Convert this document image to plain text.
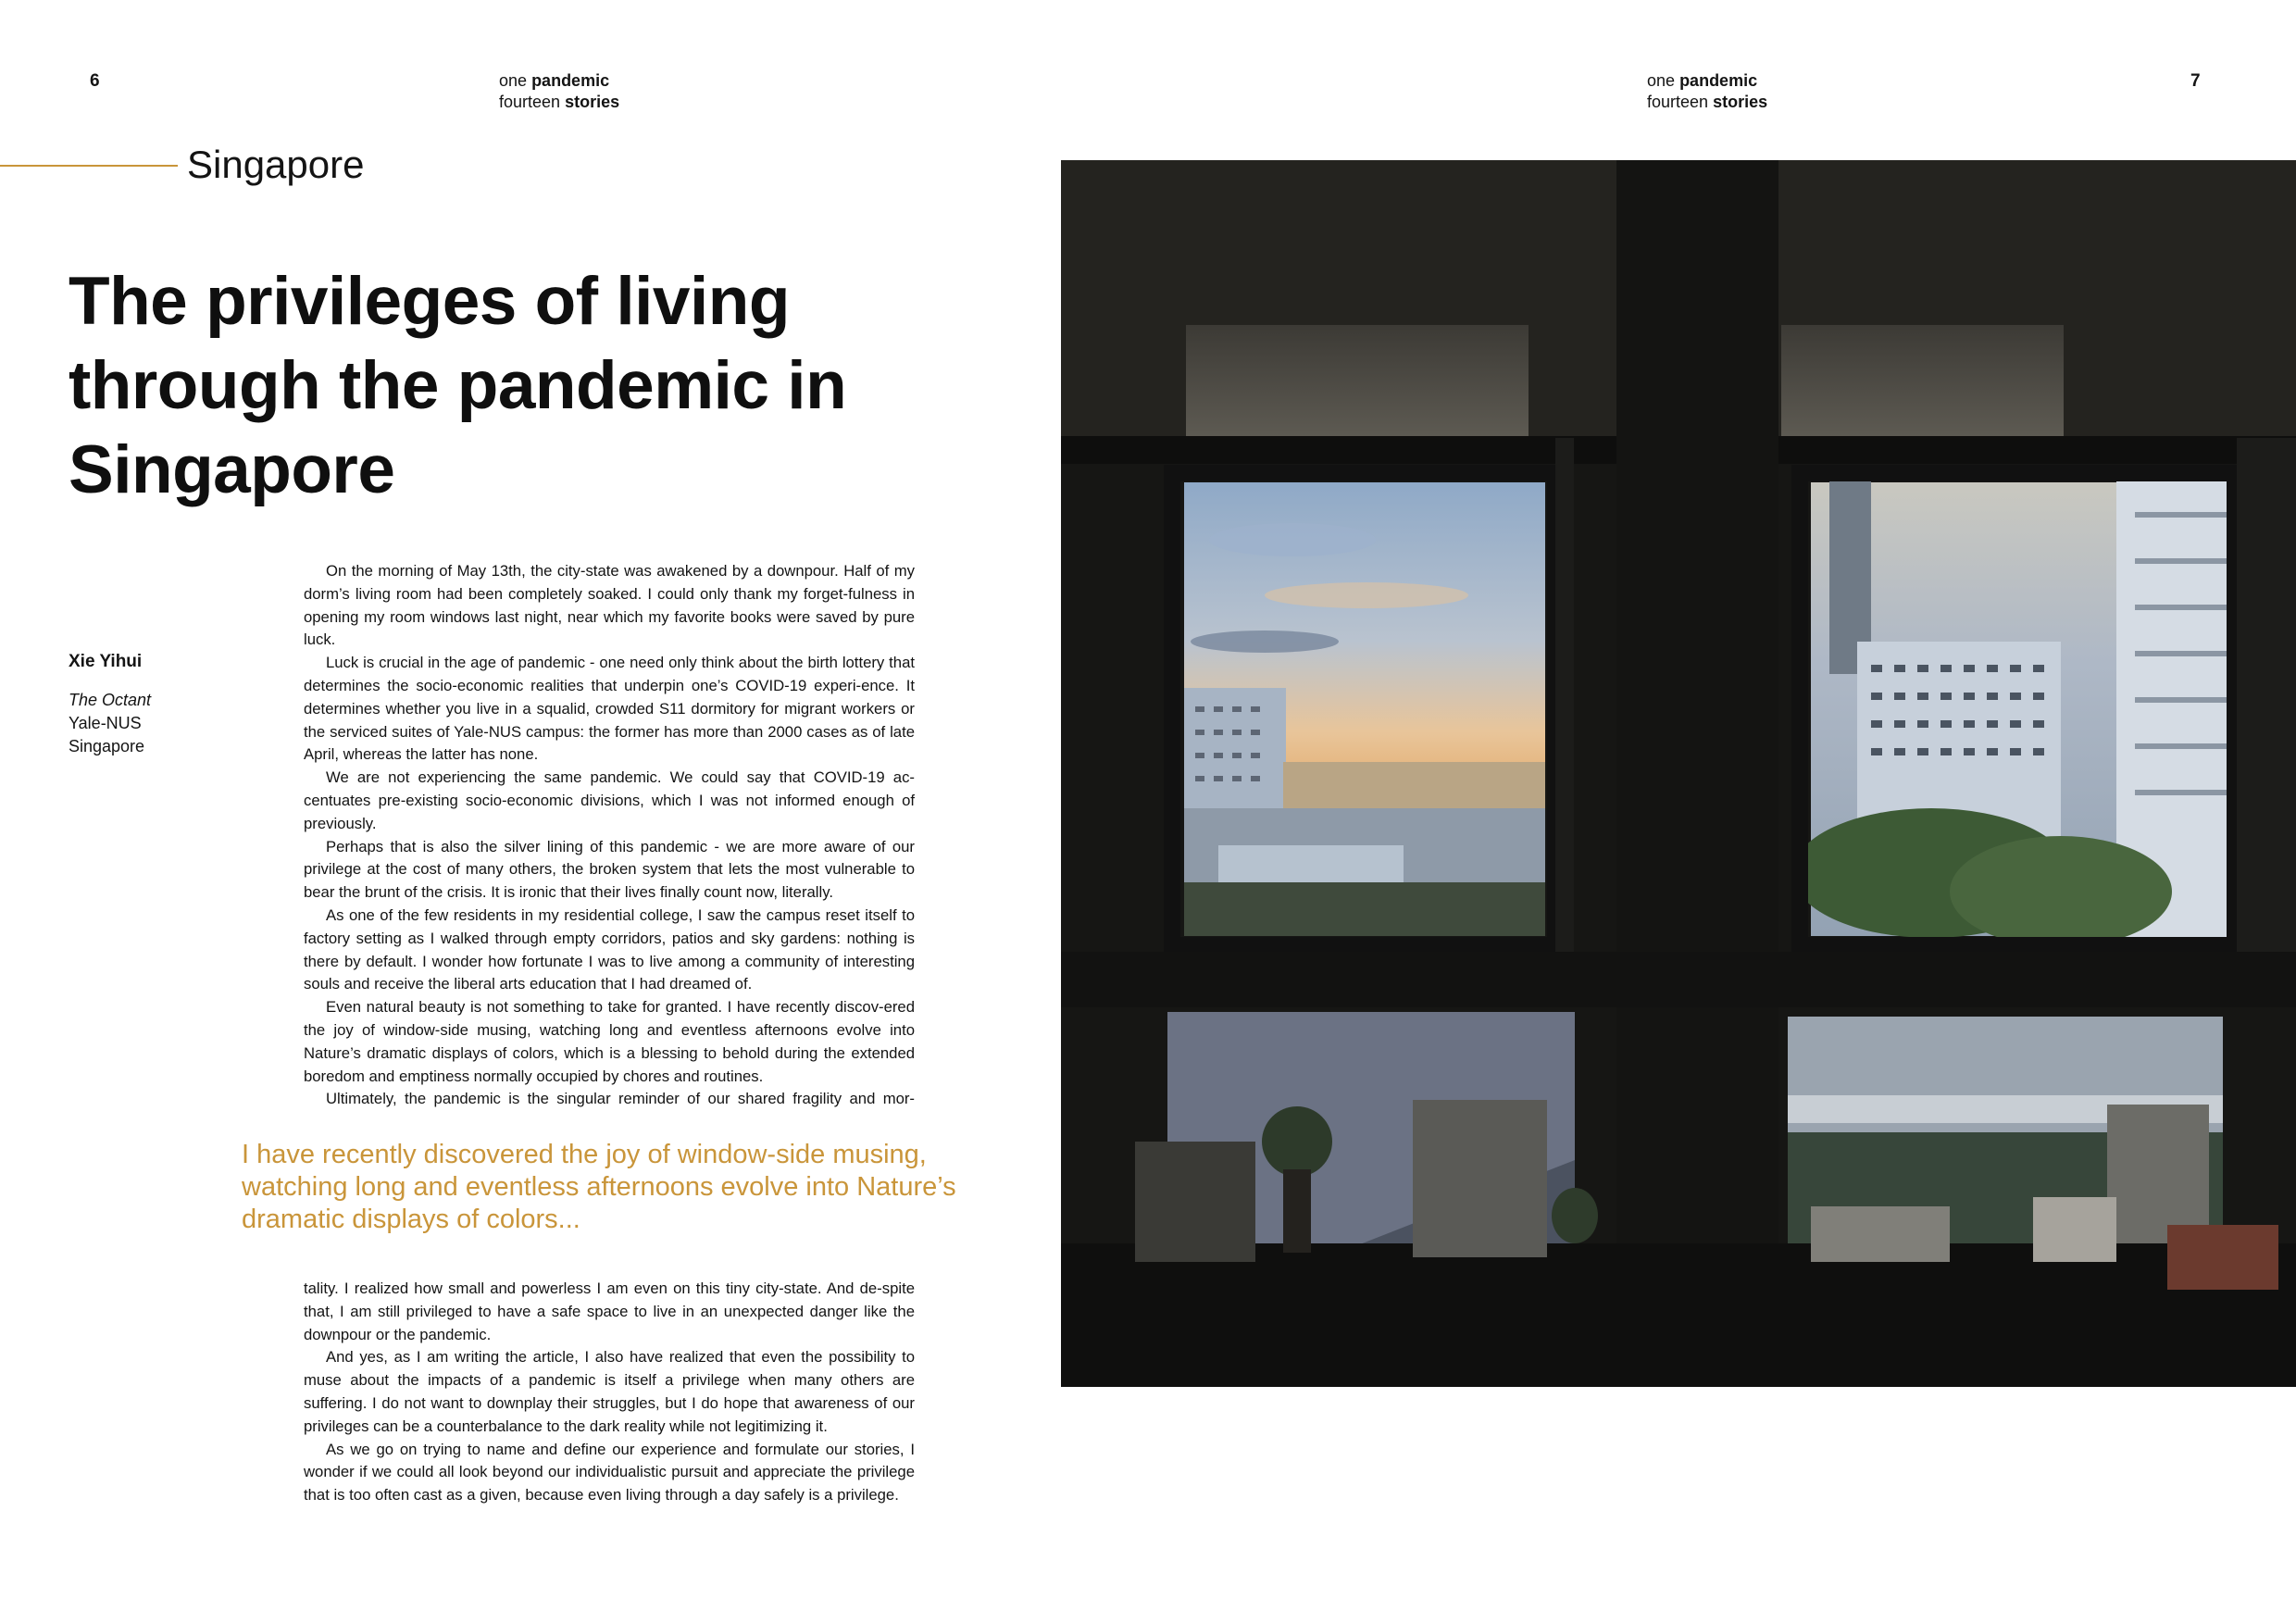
6	one pandemic
fourteen stories
Singapore
The privileges of living through the pandemic in Singapore
Xie Yihui
The Octant
Yale-NUS
Singapore

On the morning of May 13th, the city-state was awakened by a downpour. Half of my dorm’s living room had been completely soaked. I could only thank my forget-fulness in opening my room windows last night, near which my favorite books were saved by pure luck.

Luck is crucial in the age of pandemic - one need only think about the birth lottery that determines the socio-economic realities that underpin one’s COVID-19 experi-ence. It determines whether you live in a squalid, crowded S11 dormitory for migrant workers or the serviced suites of Yale-NUS campus: the former has more than 2000 cases as of late April, whereas the latter has none.

We are not experiencing the same pandemic. We could say that COVID-19 ac-centuates pre-existing socio-economic divisions, which I was not informed enough of previously.

Perhaps that is also the silver lining of this pandemic - we are more aware of our privilege at the cost of many others, the broken system that lets the most vulnerable to bear the brunt of the crisis. It is ironic that their lives finally count now, literally.

As one of the few residents in my residential college, I saw the campus reset itself to factory setting as I walked through empty corridors, patios and sky gardens: nothing is there by default. I wonder how fortunate I was to live among a community of interesting souls and receive the liberal arts education that I had dreamed of.

Even natural beauty is not something to take for granted. I have recently discov-ered the joy of window-side musing, watching long and eventless afternoons evolve into Nature’s dramatic displays of colors, which is a blessing to behold during the extended boredom and emptiness normally occupied by chores and routines.

Ultimately, the pandemic is the singular reminder of our shared fragility and mor-

I have recently discovered the joy of window-side musing, watching long and eventless afternoons evolve into Nature’s dramatic displays of colors...

tality. I realized how small and powerless I am even on this tiny city-state. And de-spite that, I am still privileged to have a safe space to live in an unexpected danger like the downpour or the pandemic.

And yes, as I am writing the article, I also have realized that even the possibility to muse about the impacts of a pandemic is itself a privilege when many others are suffering. I do not want to downplay their struggles, but I do hope that awareness of our privileges can be a counterbalance to the dark reality while not legitimizing it.

As we go on trying to name and define our experience and formulate our stories, I wonder if we could all look beyond our individualistic pursuit and appreciate the privilege that is too often cast as a given, because even living through a day safely is a privilege.

one pandemic
fourteen stories
7
